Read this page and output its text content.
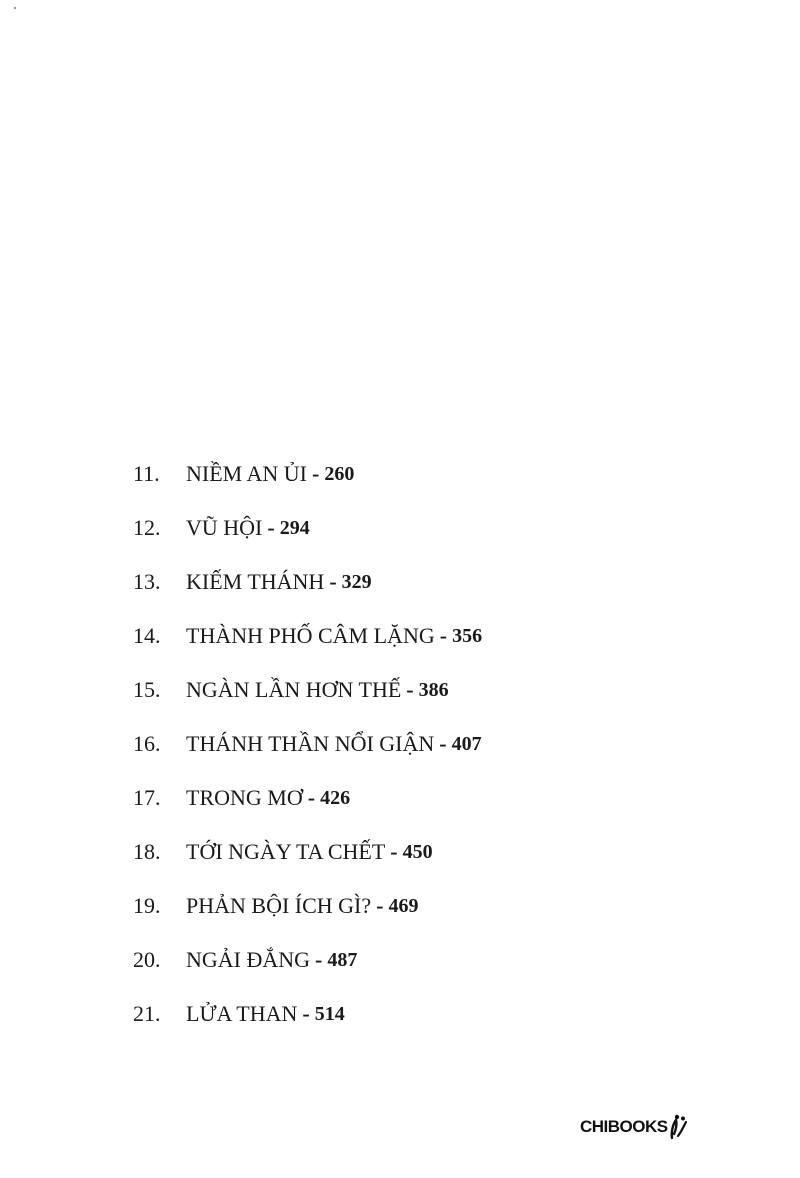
11.	NIỀM AN ỦI - 260
12.	VŨ HỘI - 294
13.	KIẾM THÁNH - 329
14.	THÀNH PHỐ CÂM LẶNG - 356
15.	NGÀN LẦN HƠN THẾ - 386
16.	THÁNH THẦN NỔI GIẬN - 407
17.	TRONG MƠ - 426
18.	TỚI NGÀY TA CHẾT - 450
19.	PHẢN BỘI ÍCH GÌ? - 469
20.	NGẢI ĐẮNG - 487
21.	LỬA THAN - 514
CHIBOOKS
